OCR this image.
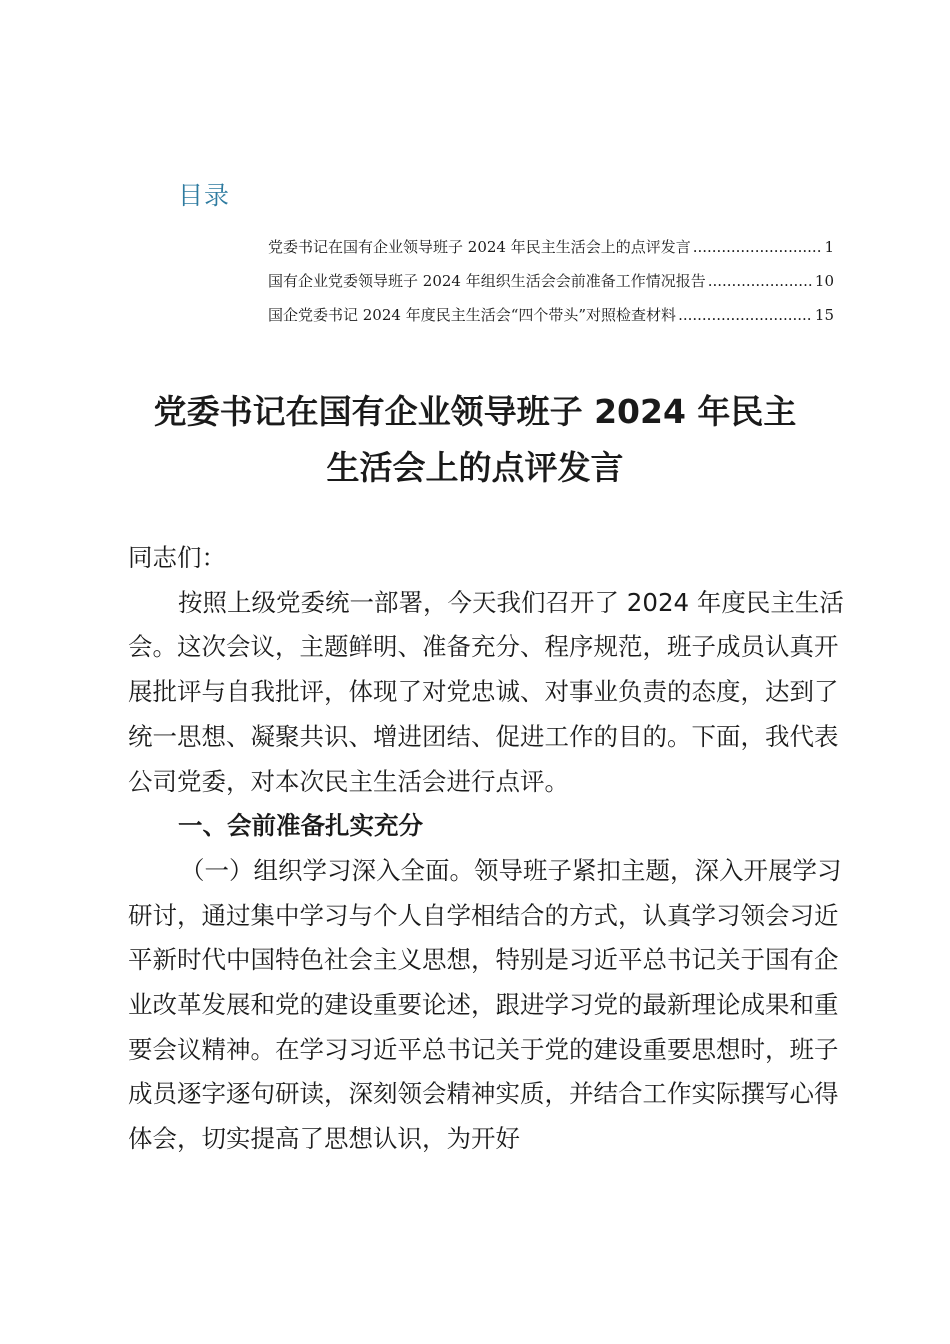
目录
党委书记在国有企业领导班子 2024 年民主生活会上的点评发言 .....	1
国有企业党委领导班子 2024 年组织生活会会前准备工作情况报告 .....	10
国企党委书记 2024 年度民主生活会“四个带头”对照检查材料 .....	15
党委书记在国有企业领导班子 2024 年民主
生活会上的点评发言

同志们：

按照上级党委统一部署，今天我们召开了 2024 年度民主生活会。这次会议，主题鲜明、准备充分、程序规范，班子成员认真开展批评与自我批评，体现了对党忠诚、对事业负责的态度，达到了统一思想、凝聚共识、增进团结、促进工作的目的。下面，我代表公司党委，对本次民主生活会进行点评。

一、会前准备扎实充分

（一）组织学习深入全面。领导班子紧扣主题，深入开展学习研讨，通过集中学习与个人自学相结合的方式，认真学习领会习近平新时代中国特色社会主义思想，特别是习近平总书记关于国有企业改革发展和党的建设重要论述，跟进学习党的最新理论成果和重要会议精神。在学习习近平总书记关于党的建设重要思想时，班子成员逐字逐句研读，深刻领会精神实质，并结合工作实际撰写心得体会，切实提高了思想认识，为开好
